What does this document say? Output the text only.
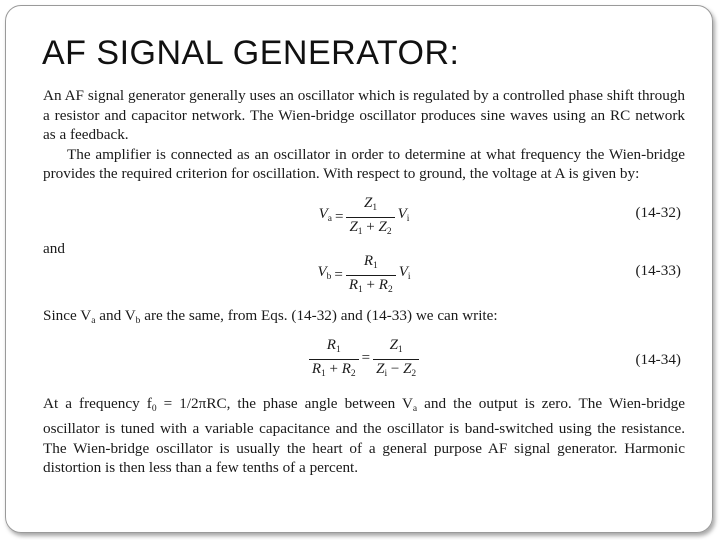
AF SIGNAL GENERATOR:

An AF signal generator generally uses an oscillator which is regulated by a controlled phase shift through a resistor and capacitor network. The Wien-bridge oscillator produces sine waves using an RC network as a feedback.

The amplifier is connected as an oscillator in order to determine at what frequency the Wien-bridge provides the required criterion for oscillation. With respect to ground, the voltage at A is given by:

$V_a = \frac{Z_1}{Z_1 + Z_2} V_i$	(14-32)
and
$V_b = \frac{R_1}{R_1 + R_2} V_i$	(14-33)

Since $V_a$ and $V_b$ are the same, from Eqs. (14-32) and (14-33) we can write:

$\frac{R_1}{R_1 + R_2} = \frac{Z_1}{Z_i - Z_2}$	(14-34)

At a frequency $f_0 = 1/2\pi RC$, the phase angle between $V_a$ and the output is zero. The Wien-bridge oscillator is tuned with a variable capacitance and the oscillator is band-switched using the resistance. The Wien-bridge oscillator is usually the heart of a general purpose AF signal generator. Harmonic distortion is then less than a few tenths of a percent.
